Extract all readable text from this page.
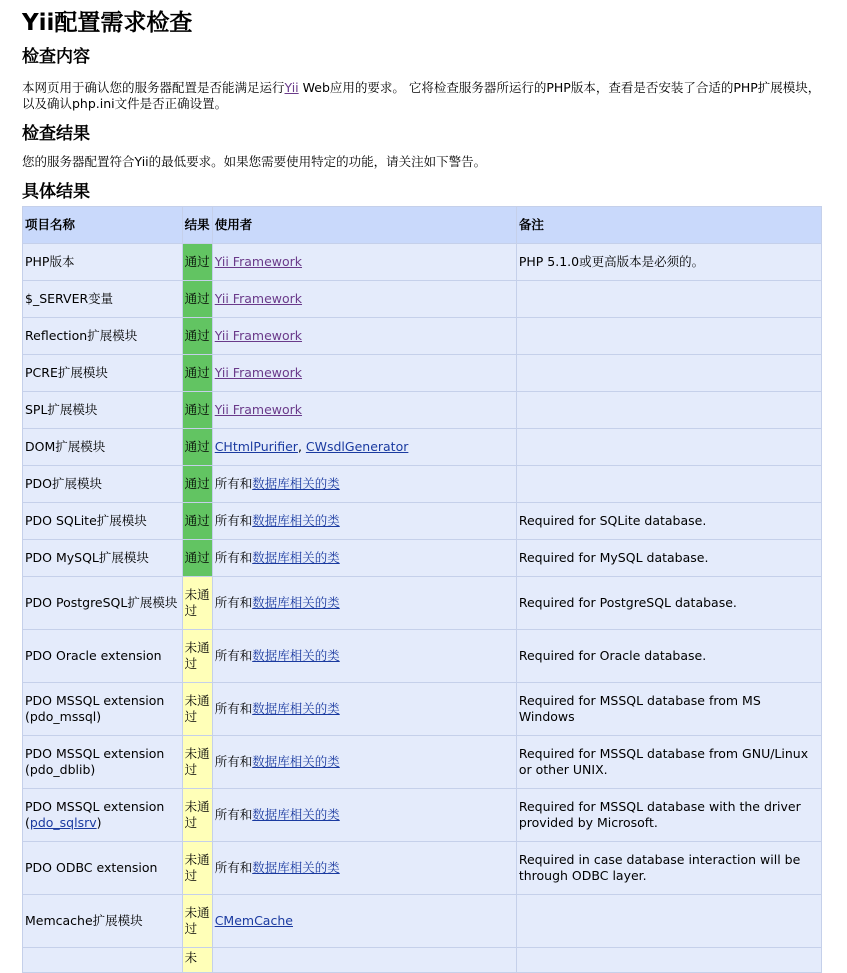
Yii配置需求检查
检查内容

本网页用于确认您的服务器配置是否能满足运行Yii Web应用的要求。 它将检查服务器所运行的PHP版本，查看是否安装了合适的PHP扩展模块，以及确认php.ini文件是否正确设置。

检查结果

您的服务器配置符合Yii的最低要求。如果您需要使用特定的功能，请关注如下警告。

具体结果
项目名称	结果	使用者	备注
PHP版本	通过	Yii Framework	PHP 5.1.0或更高版本是必须的。
$_SERVER变量	通过	Yii Framework	
Reflection扩展模块	通过	Yii Framework	
PCRE扩展模块	通过	Yii Framework	
SPL扩展模块	通过	Yii Framework	
DOM扩展模块	通过	CHtmlPurifier, CWsdlGenerator	
PDO扩展模块	通过	所有和数据库相关的类	
PDO SQLite扩展模块	通过	所有和数据库相关的类	Required for SQLite database.
PDO MySQL扩展模块	通过	所有和数据库相关的类	Required for MySQL database.
PDO PostgreSQL扩展模块	未通过	所有和数据库相关的类	Required for PostgreSQL database.
PDO Oracle extension	未通过	所有和数据库相关的类	Required for Oracle database.
PDO MSSQL extension (pdo_mssql)	未通过	所有和数据库相关的类	Required for MSSQL database from MS Windows
PDO MSSQL extension (pdo_dblib)	未通过	所有和数据库相关的类	Required for MSSQL database from GNU/Linux or other UNIX.
PDO MSSQL extension (pdo_sqlsrv)	未通过	所有和数据库相关的类	Required for MSSQL database with the driver provided by Microsoft.
PDO ODBC extension	未通过	所有和数据库相关的类	Required in case database interaction will be through ODBC layer.
Memcache扩展模块	未通过	CMemCache	
	未		
